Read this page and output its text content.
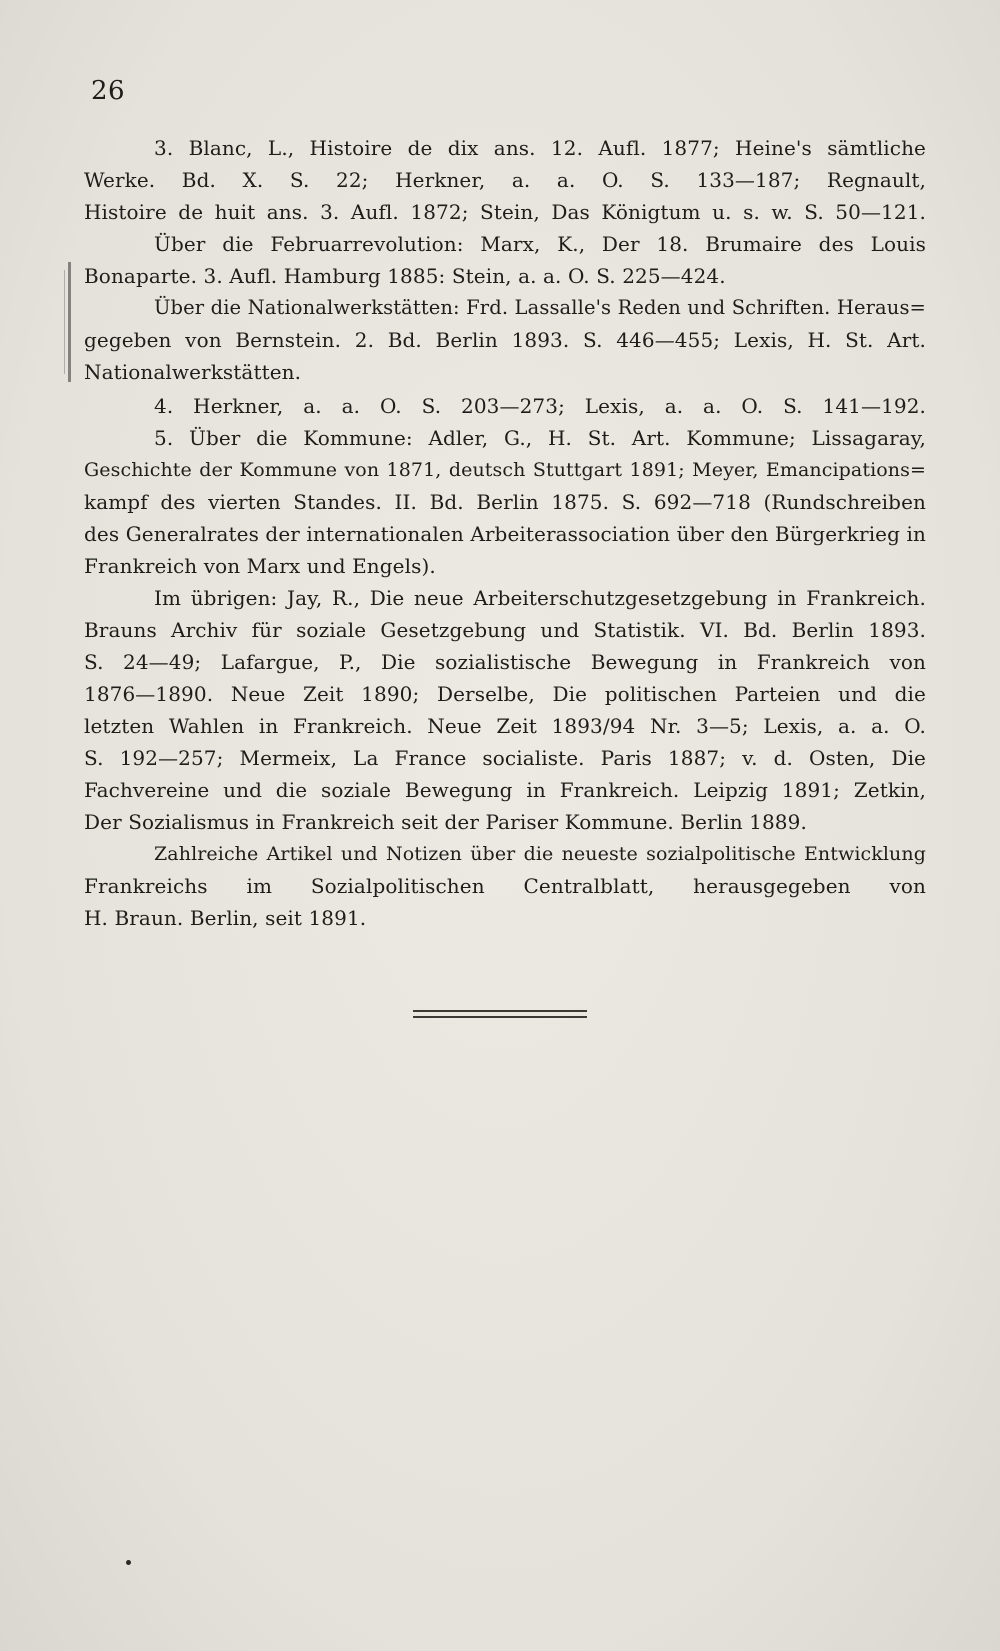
26
3. Blanc, L., Histoire de dix ans. 12. Aufl. 1877; Heine's sämtliche
Werke. Bd. X. S. 22; Herkner, a. a. O. S. 133—187; Regnault,
Histoire de huit ans. 3. Aufl. 1872; Stein, Das Königtum u. s. w. S. 50—121.
Über die Februarrevolution: Marx, K., Der 18. Brumaire des Louis
Bonaparte. 3. Aufl. Hamburg 1885: Stein, a. a. O. S. 225—424.
Über die Nationalwerkstätten: Frd. Lassalle's Reden und Schriften. Heraus=
gegeben von Bernstein. 2. Bd. Berlin 1893. S. 446—455; Lexis, H. St. Art.
Nationalwerkstätten.
4. Herkner, a. a. O. S. 203—273; Lexis, a. a. O. S. 141—192.
5. Über die Kommune: Adler, G., H. St. Art. Kommune; Lissagaray,
Geschichte der Kommune von 1871, deutsch Stuttgart 1891; Meyer, Emancipations=
kampf des vierten Standes. II. Bd. Berlin 1875. S. 692—718 (Rundschreiben
des Generalrates der internationalen Arbeiterassociation über den Bürgerkrieg in
Frankreich von Marx und Engels).
Im übrigen: Jay, R., Die neue Arbeiterschutzgesetzgebung in Frankreich.
Brauns Archiv für soziale Gesetzgebung und Statistik. VI. Bd. Berlin 1893.
S. 24—49; Lafargue, P., Die sozialistische Bewegung in Frankreich von
1876—1890. Neue Zeit 1890; Derselbe, Die politischen Parteien und die
letzten Wahlen in Frankreich. Neue Zeit 1893/94 Nr. 3—5; Lexis, a. a. O.
S. 192—257; Mermeix, La France socialiste. Paris 1887; v. d. Osten, Die
Fachvereine und die soziale Bewegung in Frankreich. Leipzig 1891; Zetkin,
Der Sozialismus in Frankreich seit der Pariser Kommune. Berlin 1889.
Zahlreiche Artikel und Notizen über die neueste sozialpolitische Entwicklung
Frankreichs im Sozialpolitischen Centralblatt, herausgegeben von
H. Braun. Berlin, seit 1891.
